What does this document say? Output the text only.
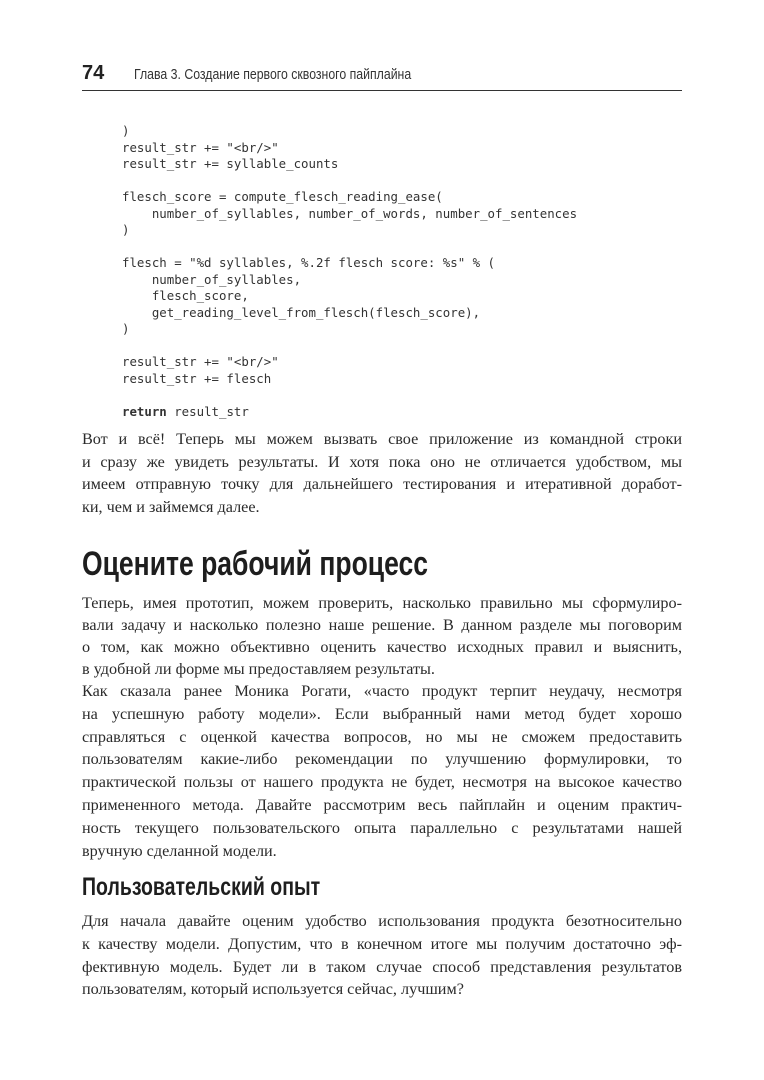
74 Глава 3. Создание первого сквозного пайплайна
)
result_str += "<br/>"
result_str += syllable_counts

flesch_score = compute_flesch_reading_ease(
number_of_syllables, number_of_words, number_of_sentences
)

flesch = "%d syllables, %.2f flesch score: %s" % (
number_of_syllables,
flesch_score,
get_reading_level_from_flesch(flesch_score),
)

result_str += "<br/>"
result_str += flesch

return result_str
Вот и всё! Теперь мы можем вызвать свое приложение из командной строки
и сразу же увидеть результаты. И хотя пока оно не отличается удобством, мы
имеем отправную точку для дальнейшего тестирования и итеративной доработ-
ки, чем и займемся далее.
Оцените рабочий процесс
Теперь, имея прототип, можем проверить, насколько правильно мы сформулиро-
вали задачу и насколько полезно наше решение. В данном разделе мы поговорим
о том, как можно объективно оценить качество исходных правил и выяснить,
в удобной ли форме мы предоставляем результаты.
Как сказала ранее Моника Рогати, «часто продукт терпит неудачу, несмотря
на успешную работу модели». Если выбранный нами метод будет хорошо
справляться с оценкой качества вопросов, но мы не сможем предоставить
пользователям какие-либо рекомендации по улучшению формулировки, то
практической пользы от нашего продукта не будет, несмотря на высокое качество
примененного метода. Давайте рассмотрим весь пайплайн и оценим практич-
ность текущего пользовательского опыта параллельно с результатами нашей
вручную сделанной модели.
Пользовательский опыт
Для начала давайте оценим удобство использования продукта безотносительно
к качеству модели. Допустим, что в конечном итоге мы получим достаточно эф-
фективную модель. Будет ли в таком случае способ представления результатов
пользователям, который используется сейчас, лучшим?
